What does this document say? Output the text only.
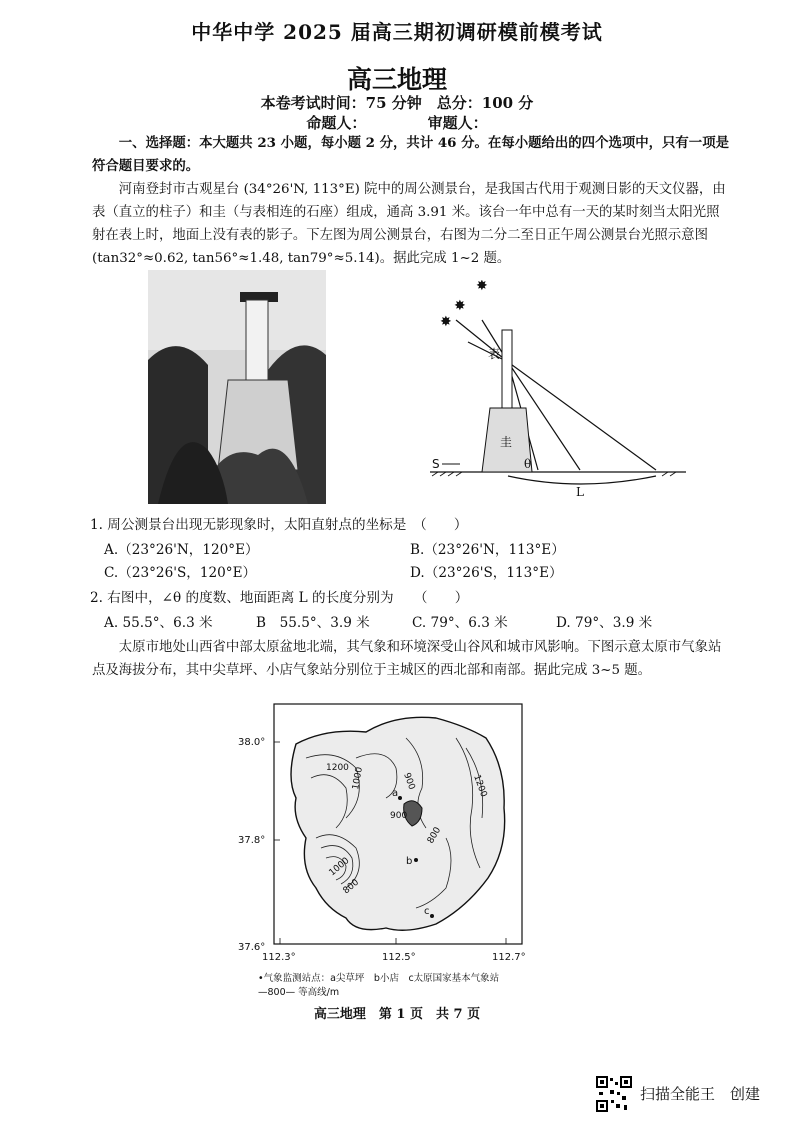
中华中学 2025 届高三期初调研模前模考试
高三地理
本卷考试时间：75 分钟　总分：100 分
命题人：	审题人：
一、选择题：本大题共 23 小题，每小题 2 分，共计 46 分。在每小题给出的四个选项中，只有一项是符合题目要求的。
河南登封市古观星台 (34°26'N, 113°E) 院中的周公测景台，是我国古代用于观测日影的天文仪器，由表（直立的柱子）和圭（与表相连的石座）组成，通高 3.91 米。该台一年中总有一天的某时刻当太阳光照射在表上时，地面上没有表的影子。下左图为周公测景台，右图为二分二至日正午周公测景台光照示意图 (tan32°≈0.62, tan56°≈1.48, tan79°≈5.14)。据此完成 1~2 题。
✸
✸
✸
表
圭
S	θ
L
1. 周公测景台出现无影现象时，太阳直射点的坐标是　（　　）
A.（23°26'N，120°E）	B.（23°26'N，113°E）
C.（23°26'S，120°E）	D.（23°26'S，113°E）
2. 右图中，∠θ 的度数、地面距离 L 的长度分别为　　（　　）
A. 55.5°、6.3 米	B　55.5°、3.9 米	C. 79°、6.3 米	D. 79°、3.9 米
太原市地处山西省中部太原盆地北端，其气象和环境深受山谷风和城市风影响。下图示意太原市气象站点及海拔分布，其中尖草坪、小店气象站分别位于主城区的西北部和南部。据此完成 3~5 题。
900	1200
1000
1200
900
800
1000
800
a
b
c
38.0°
37.8°
37.6°
112.3°	112.5°	112.7°
•气象监测站点：a尖草坪　b小店　c太原国家基本气象站
—800— 等高线/m
高三地理　第 1 页　共 7 页
扫描全能王　创建
